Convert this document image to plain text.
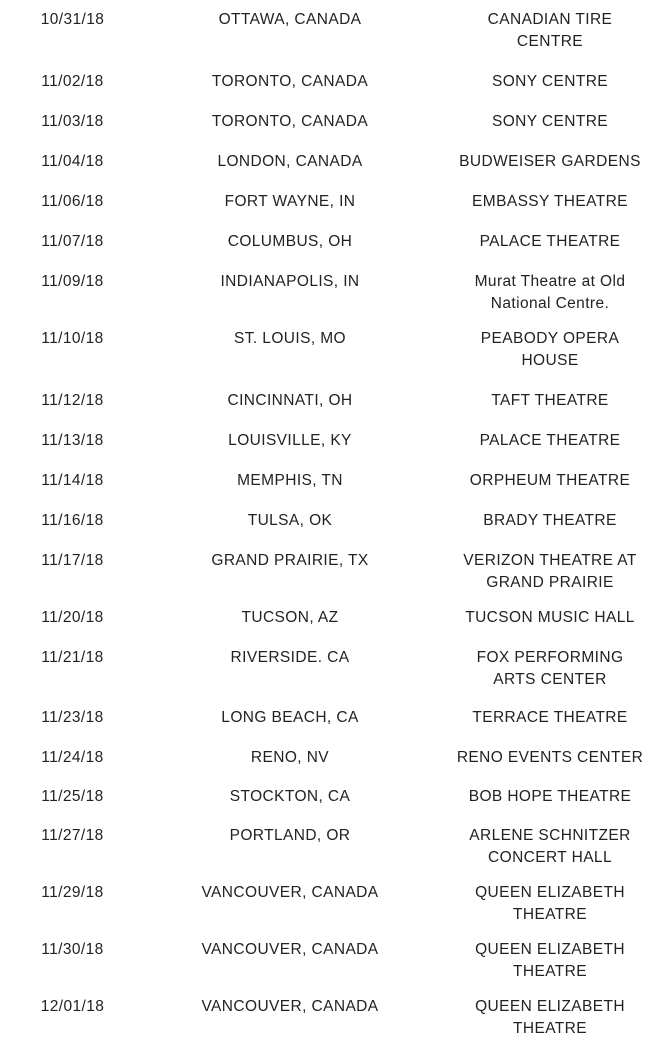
10/31/18	OTTAWA, CANADA	CANADIAN TIRE CENTRE
11/02/18	TORONTO, CANADA	SONY CENTRE
11/03/18	TORONTO, CANADA	SONY CENTRE
11/04/18	LONDON, CANADA	BUDWEISER GARDENS
11/06/18	FORT WAYNE, IN	EMBASSY THEATRE
11/07/18	COLUMBUS, OH	PALACE THEATRE
11/09/18	INDIANAPOLIS, IN	Murat Theatre at Old National Centre.
11/10/18	ST. LOUIS, MO	PEABODY OPERA HOUSE
11/12/18	CINCINNATI, OH	TAFT THEATRE
11/13/18	LOUISVILLE, KY	PALACE THEATRE
11/14/18	MEMPHIS, TN	ORPHEUM THEATRE
11/16/18	TULSA, OK	BRADY THEATRE
11/17/18	GRAND PRAIRIE, TX	VERIZON THEATRE AT GRAND PRAIRIE
11/20/18	TUCSON, AZ	TUCSON MUSIC HALL
11/21/18	RIVERSIDE. CA	FOX PERFORMING ARTS CENTER
11/23/18	LONG BEACH, CA	TERRACE THEATRE
11/24/18	RENO, NV	RENO EVENTS CENTER
11/25/18	STOCKTON, CA	BOB HOPE THEATRE
11/27/18	PORTLAND, OR	ARLENE SCHNITZER CONCERT HALL
11/29/18	VANCOUVER, CANADA	QUEEN ELIZABETH THEATRE
11/30/18	VANCOUVER, CANADA	QUEEN ELIZABETH THEATRE
12/01/18	VANCOUVER, CANADA	QUEEN ELIZABETH THEATRE
